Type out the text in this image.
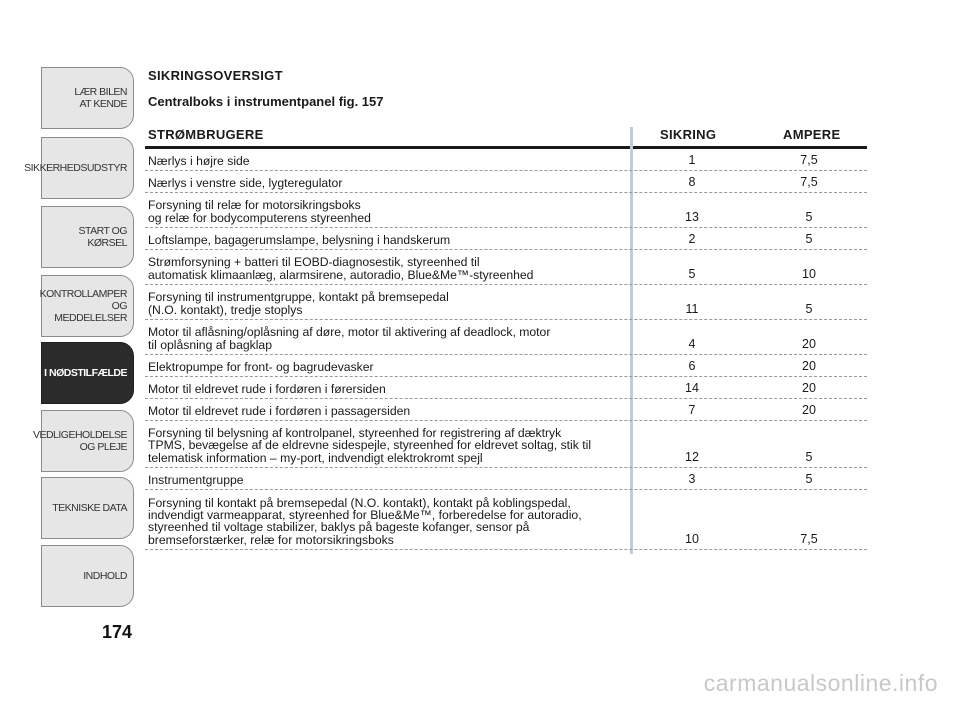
LÆR BILEN
AT KENDE
SIKKERHEDSUDSTYR
START OG KØRSEL
KONTROLLAMPER
OG MEDDELELSER
I NØDSTILFÆLDE
VEDLIGEHOLDELSE
OG PLEJE
TEKNISKE DATA
INDHOLD
174
SIKRINGSOVERSIGT
Centralboks i instrumentpanel fig. 157
STRØMBRUGERE	SIKRING	AMPERE
Nærlys i højre side	1	7,5
Nærlys i venstre side, lygteregulator	8	7,5
Forsyning til relæ for motorsikringsboks
og relæ for bodycomputerens styreenhed	13	5
Loftslampe, bagagerumslampe, belysning i handskerum	2	5
Strømforsyning + batteri til EOBD-diagnosestik, styreenhed til
automatisk klimaanlæg, alarmsirene, autoradio, Blue&Me™-styreenhed	5	10
Forsyning til instrumentgruppe, kontakt på bremsepedal
(N.O. kontakt), tredje stoplys	11	5
Motor til aflåsning/oplåsning af døre, motor til aktivering af deadlock, motor
til oplåsning af bagklap	4	20
Elektropumpe for front- og bagrudevasker	6	20
Motor til eldrevet rude i fordøren i førersiden	14	20
Motor til eldrevet rude i fordøren i passagersiden	7	20
Forsyning til belysning af kontrolpanel, styreenhed for registrering af dæktryk
TPMS, bevægelse af de eldrevne sidespejle, styreenhed for eldrevet soltag, stik til
telematisk information – my-port, indvendigt elektrokromt spejl	12	5
Instrumentgruppe	3	5
Forsyning til kontakt på bremsepedal (N.O. kontakt), kontakt på koblingspedal,
indvendigt varmeapparat, styreenhed for Blue&Me™, forberedelse for autoradio,
styreenhed til voltage stabilizer, baklys på bageste kofanger, sensor på
bremseforstærker, relæ for motorsikringsboks	10	7,5
carmanualsonline.info
